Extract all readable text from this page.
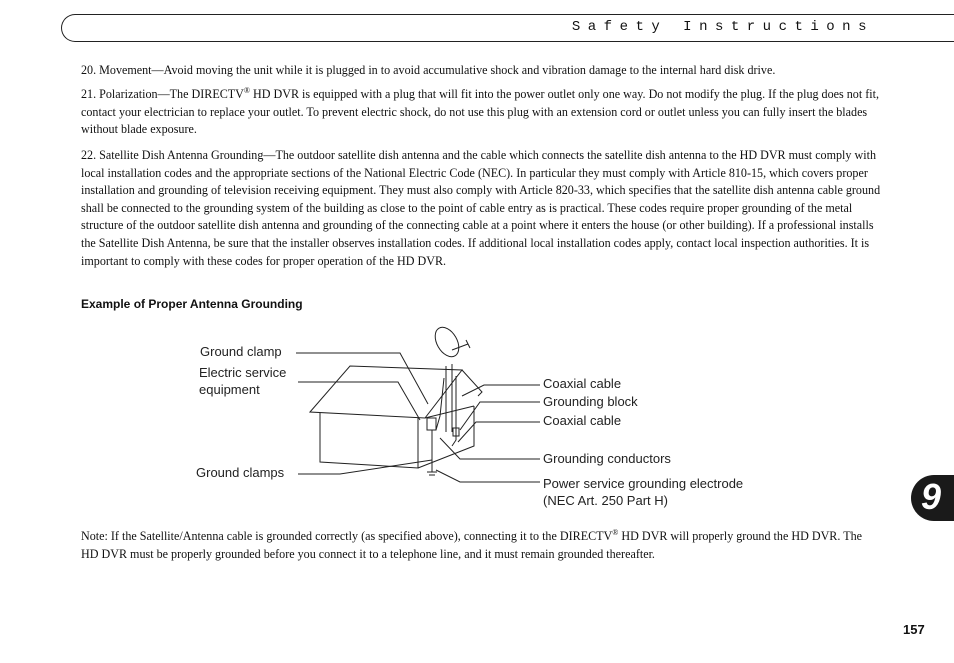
Safety Instructions

20. Movement—Avoid moving the unit while it is plugged in to avoid accumulative shock and vibration damage to the internal hard disk drive.

21. Polarization—The DIRECTV® HD DVR is equipped with a plug that will fit into the power outlet only one way. Do not modify the plug. If the plug does not fit, contact your electrician to replace your outlet. To prevent electric shock, do not use this plug with an extension cord or outlet unless you can fully insert the blades without blade exposure.

22. Satellite Dish Antenna Grounding—The outdoor satellite dish antenna and the cable which connects the satellite dish antenna to the HD DVR must comply with local installation codes and the appropriate sections of the National Electric Code (NEC). In particular they must comply with Article 810-15, which covers proper installation and grounding of television receiving equipment. They must also comply with Article 820-33, which specifies that the satellite dish antenna cable ground shall be connected to the grounding system of the building as close to the point of cable entry as is practical. These codes require proper grounding of the metal structure of the outdoor satellite dish antenna and grounding of the connecting cable at a point where it enters the house (or other building). If a professional installs the Satellite Dish Antenna, be sure that the installer observes installation codes. If additional local installation codes apply, contact local inspection authorities. It is important to comply with these codes for proper operation of the HD DVR.

Example of Proper Antenna Grounding
Ground clamp
Electric service
equipment
Ground clamps
Coaxial cable
Grounding block
Coaxial cable
Grounding conductors
Power service grounding electrode
(NEC Art. 250 Part H)

Note: If the Satellite/Antenna cable is grounded correctly (as specified above), connecting it to the DIRECTV® HD DVR will properly ground the HD DVR. The HD DVR must be properly grounded before you connect it to a telephone line, and it must remain grounded thereafter.

9
157
